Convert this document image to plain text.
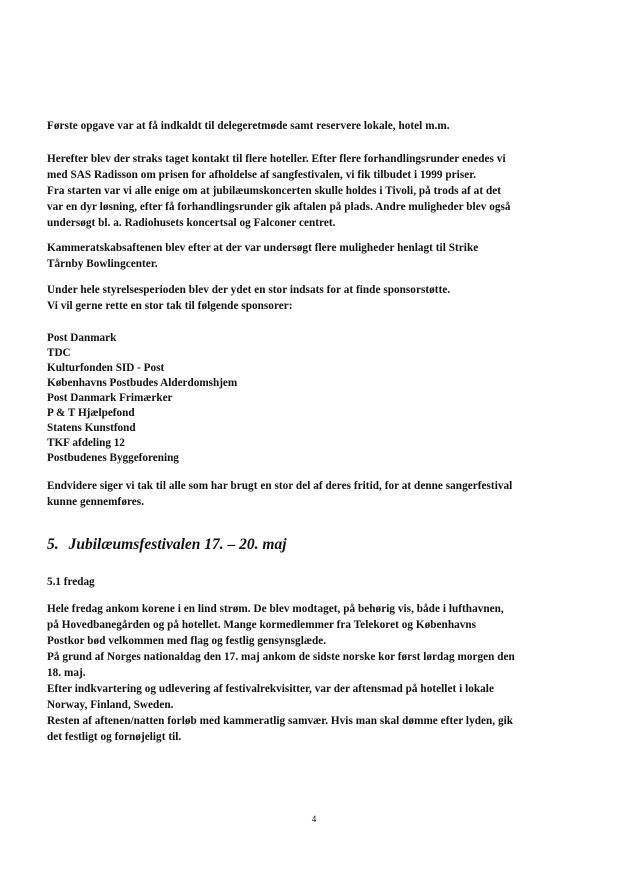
Første opgave var at få indkaldt til delegeretmøde samt reservere lokale, hotel m.m.
Herefter blev der straks taget kontakt til flere hoteller. Efter flere forhandlingsrunder enedes vi
med SAS Radisson om prisen for afholdelse af sangfestivalen, vi fik tilbudet i 1999 priser.
Fra starten var vi alle enige om at jubilæumskoncerten skulle holdes i Tivoli, på trods af at det
var en dyr løsning, efter få forhandlingsrunder gik aftalen på plads. Andre muligheder blev også
undersøgt bl. a. Radiohusets koncertsal og Falconer centret.
Kammeratskabsaftenen blev efter at der var undersøgt flere muligheder henlagt til Strike
Tårnby Bowlingcenter.
Under hele styrelsesperioden blev der ydet en stor indsats for at finde sponsorstøtte.
Vi vil gerne rette en stor tak til følgende sponsorer:
Post Danmark
TDC
Kulturfonden SID - Post
Københavns Postbudes Alderdomshjem
Post Danmark Frimærker
P & T Hjælpefond
Statens Kunstfond
TKF afdeling 12
Postbudenes Byggeforening
Endvidere siger vi tak til alle som har brugt en stor del af deres fritid, for at denne sangerfestival
kunne gennemføres.
5. Jubilæumsfestivalen 17. – 20. maj
5.1 fredag
Hele fredag ankom korene i en lind strøm. De blev modtaget, på behørig vis, både i lufthavnen,
på Hovedbanegården og på hotellet. Mange kormedlemmer fra Telekoret og Københavns
Postkor bød velkommen med flag og festlig gensynsglæde.
På grund af Norges nationaldag den 17. maj ankom de sidste norske kor først lørdag morgen den
18. maj.
Efter indkvartering og udlevering af festivalrekvisitter, var der aftensmad på hotellet i lokale
Norway, Finland, Sweden.
Resten af aftenen/natten forløb med kammeratlig samvær. Hvis man skal dømme efter lyden, gik
det festligt og fornøjeligt til.
4
